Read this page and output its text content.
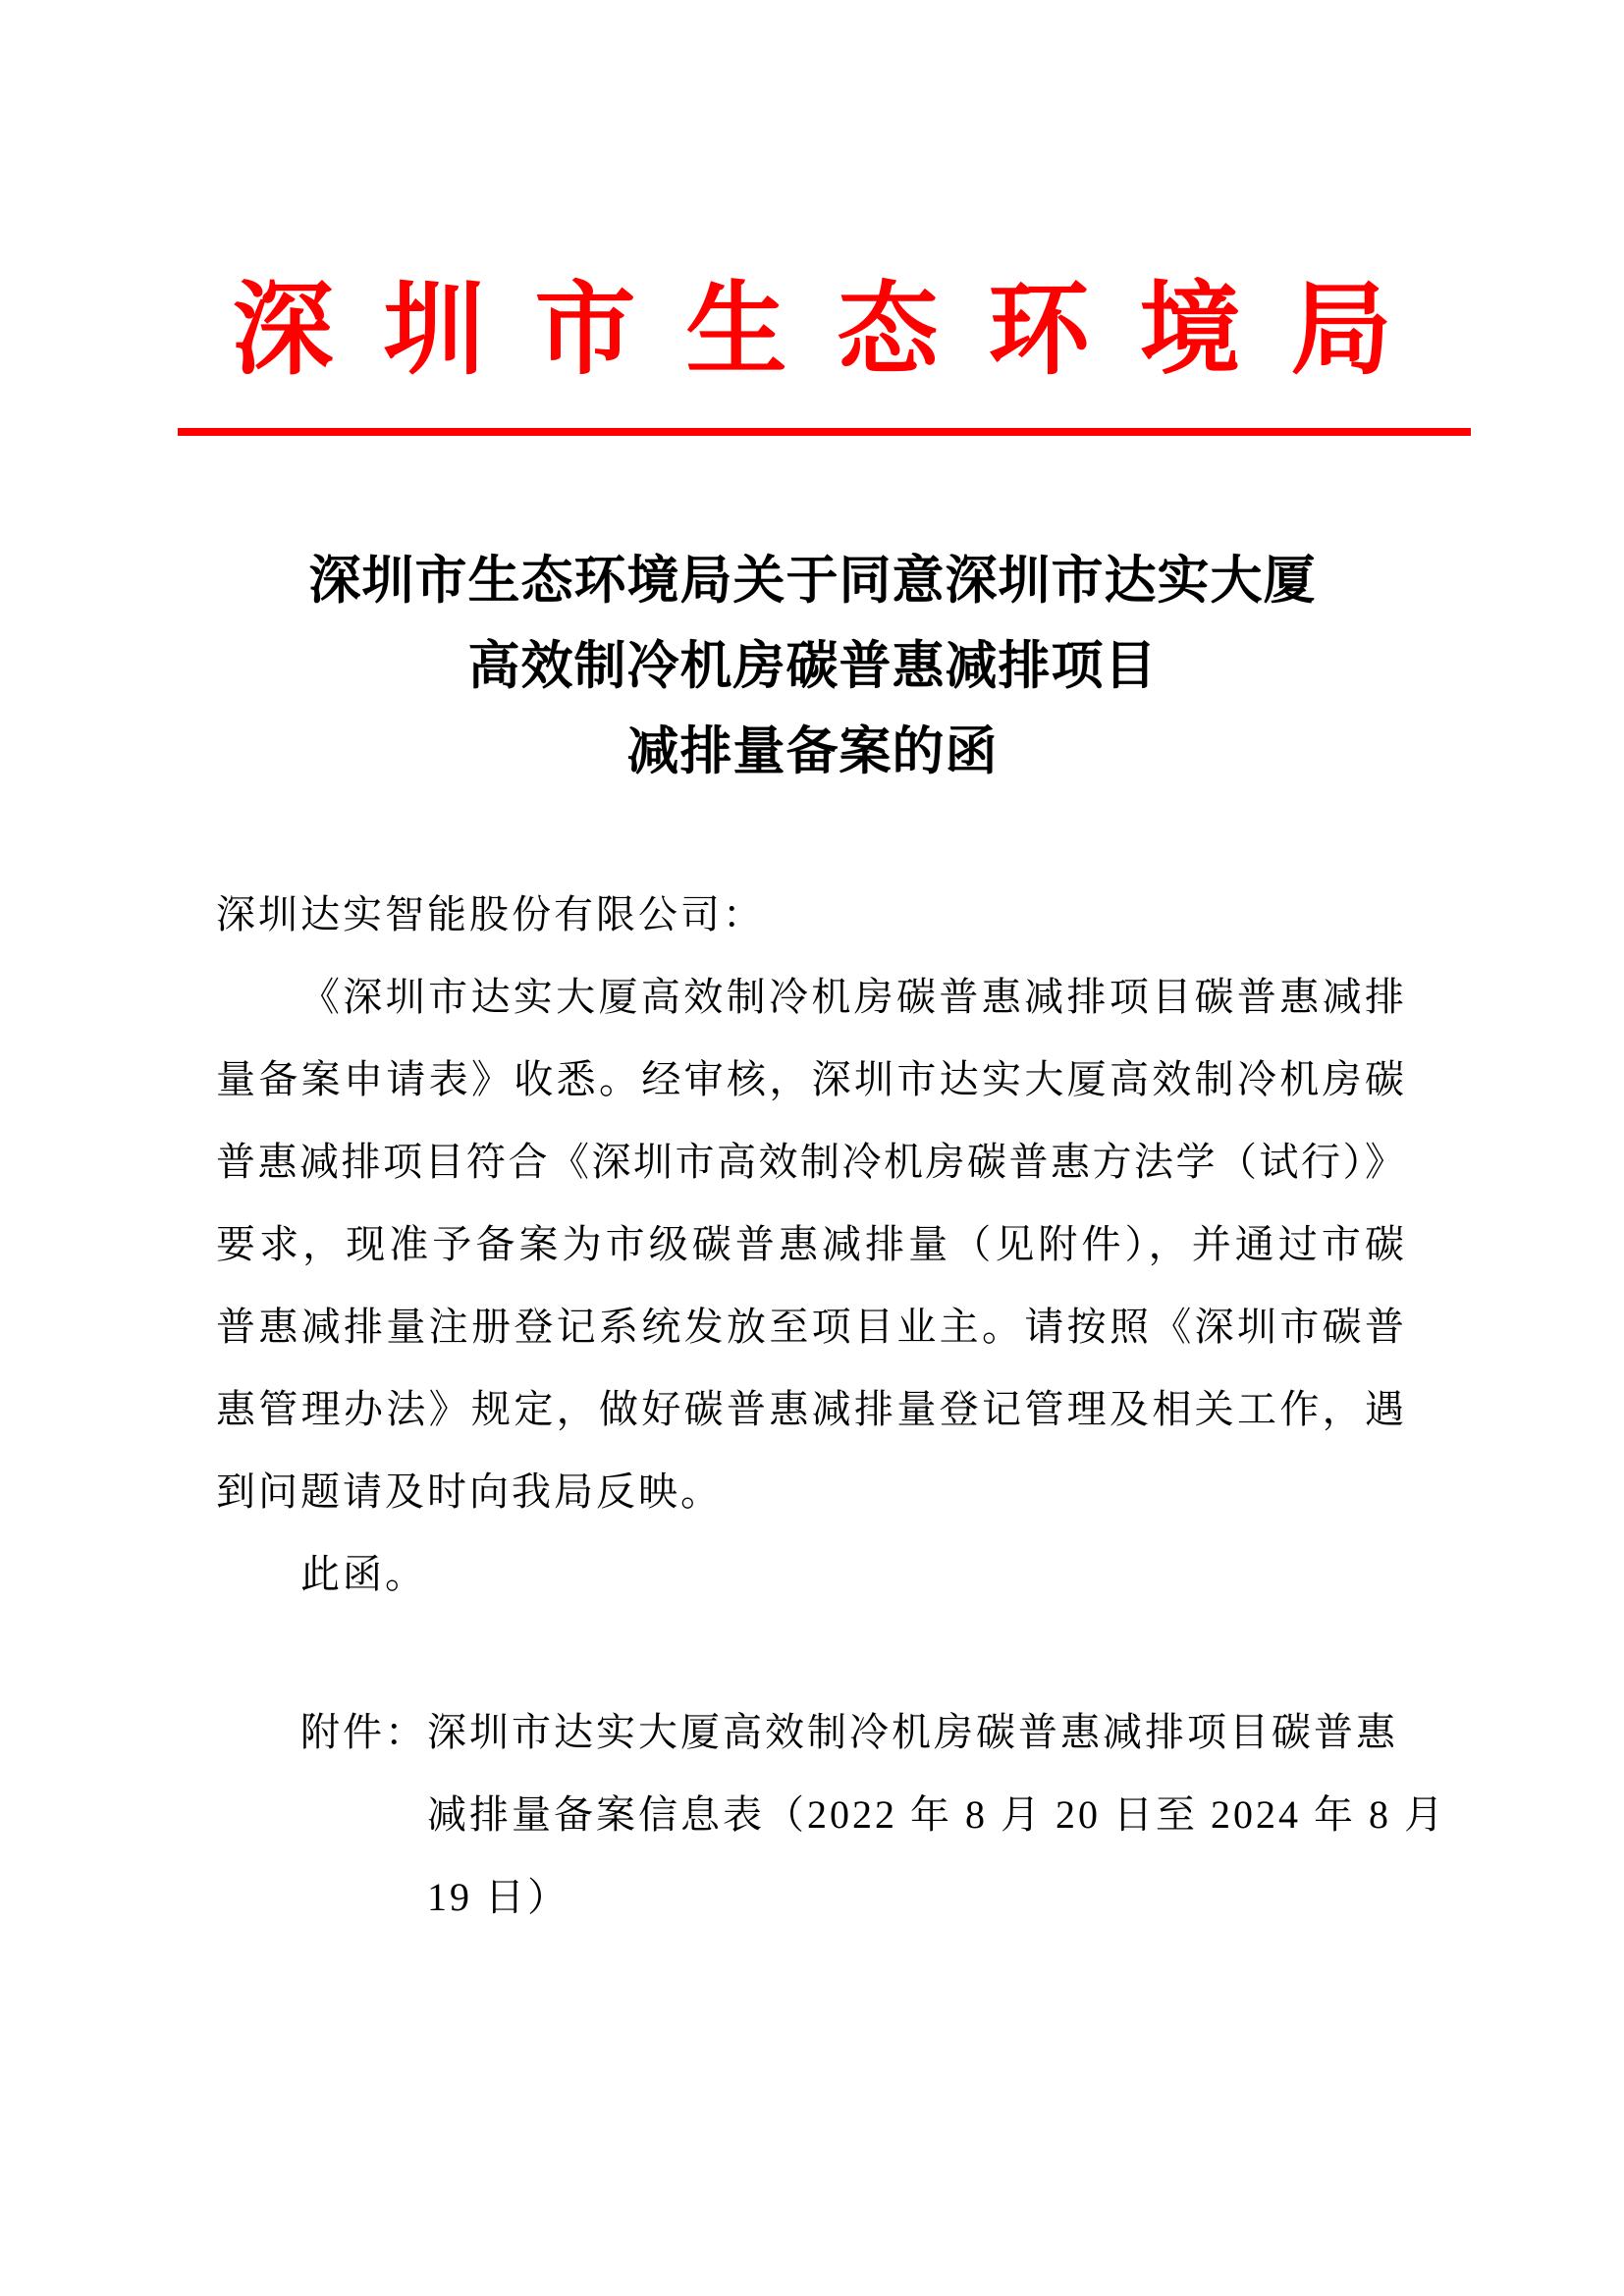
深圳市生态环境局
深圳市生态环境局关于同意深圳市达实大厦
高效制冷机房碳普惠减排项目
减排量备案的函
深圳达实智能股份有限公司：
《深圳市达实大厦高效制冷机房碳普惠减排项目碳普惠减排
量备案申请表》收悉。经审核，深圳市达实大厦高效制冷机房碳
普惠减排项目符合《深圳市高效制冷机房碳普惠方法学（试行）》
要求，现准予备案为市级碳普惠减排量（见附件），并通过市碳
普惠减排量注册登记系统发放至项目业主。请按照《深圳市碳普
惠管理办法》规定，做好碳普惠减排量登记管理及相关工作，遇
到问题请及时向我局反映。
此函。
附件：深圳市达实大厦高效制冷机房碳普惠减排项目碳普惠
减排量备案信息表（2022 年 8 月 20 日至 2024 年 8 月
19 日）
